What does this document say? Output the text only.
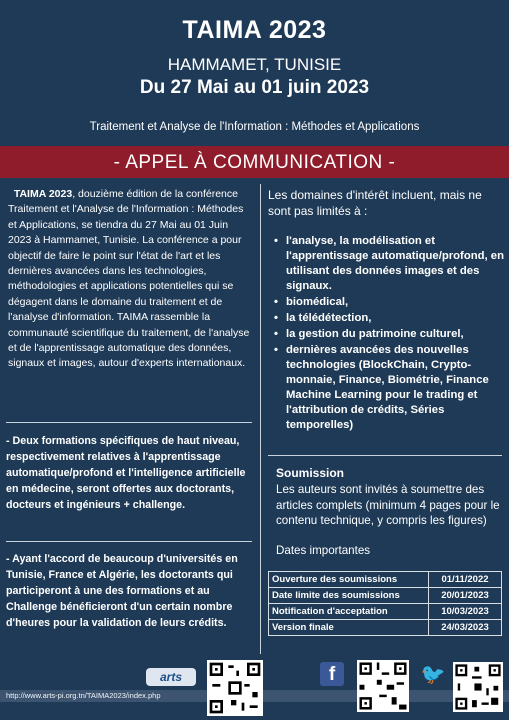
TAIMA 2023
HAMMAMET, TUNISIE
Du 27 Mai au 01 juin 2023
Traitement et Analyse de l'Information : Méthodes et Applications
- APPEL À COMMUNICATION -
TAIMA 2023, douzième édition de la conférence Traitement et l'Analyse de l'Information : Méthodes et Applications, se tiendra du 27 Mai au 01 Juin 2023 à Hammamet, Tunisie. La conférence a pour objectif de faire le point sur l'état de l'art et les dernières avancées dans les technologies, méthodologies et applications potentielles qui se dégagent dans le domaine du traitement et de l'analyse d'information. TAIMA rassemble la communauté scientifique du traitement, de l'analyse et de l'apprentissage automatique des données, signaux et images, autour d'experts internationaux.
- Deux formations spécifiques de haut niveau, respectivement relatives à l'apprentissage automatique/profond et l'intelligence artificielle en médecine, seront offertes aux doctorants, docteurs et ingénieurs + challenge.
- Ayant l'accord de beaucoup d'universités en Tunisie, France et Algérie, les doctorants qui participeront à une des formations et au Challenge bénéficieront d'un certain nombre d'heures pour la validation de leurs crédits.
Les domaines d'intérêt incluent, mais ne sont pas limités à :
• l'analyse, la modélisation et l'apprentissage automatique/profond, en utilisant des données images et des signaux.
• biomédical,
• la télédétection,
• la gestion du patrimoine culturel,
• dernières avancées des nouvelles technologies (BlockChain, Crypto-monnaie, Finance, Biométrie, Finance Machine Learning pour le trading et l'attribution de crédits, Séries temporelles)
Soumission
Les auteurs sont invités à soumettre des articles complets (minimum 4 pages pour le contenu technique, y compris les figures)
Dates importantes
Ouverture des soumissions	01/11/2022
Date limite des soumissions	20/01/2023
Notification d'acceptation	10/03/2023
Version finale	24/03/2023
http://www.arts-pi.org.tn/TAIMA2023/index.php
arts	f	🐦
